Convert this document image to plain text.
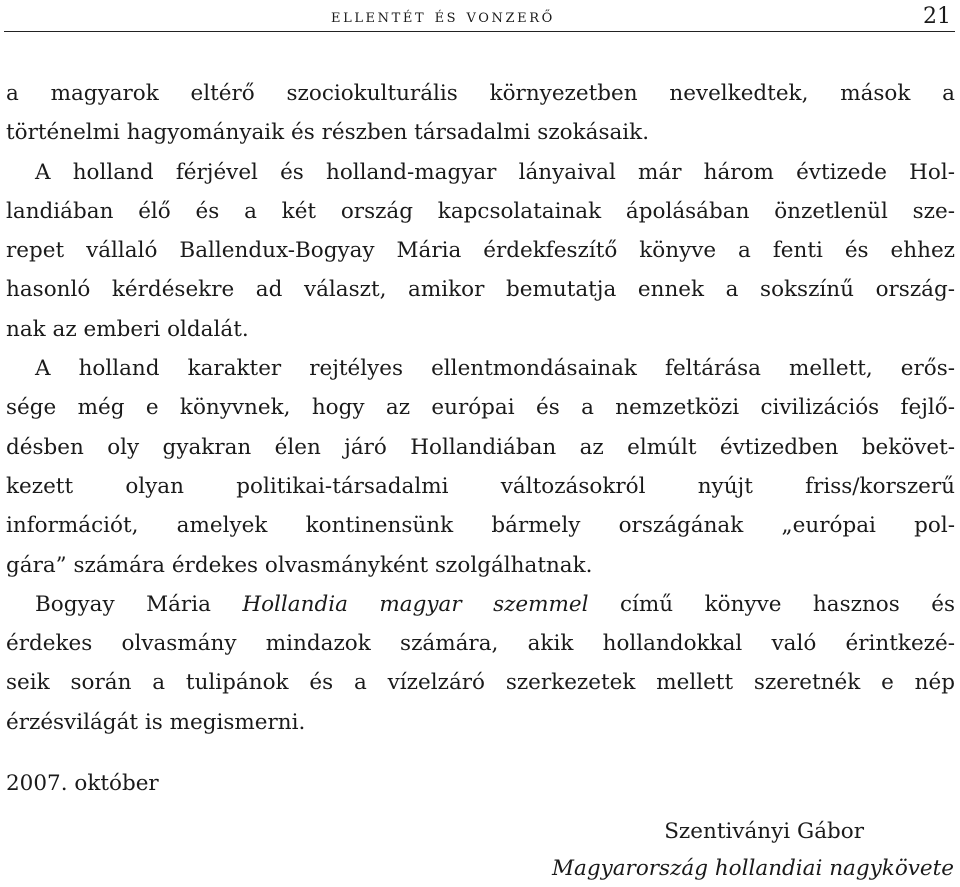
ellentét és vonzerő	21
a magyarok eltérő szociokulturális környezetben nevelkedtek, mások a
történelmi hagyományaik és részben társadalmi szokásaik.
A holland férjével és holland-magyar lányaival már három évtizede Hol-
landiában élő és a két ország kapcsolatainak ápolásában önzetlenül sze-
repet vállaló Ballendux-Bogyay Mária érdekfeszítő könyve a fenti és ehhez
hasonló kérdésekre ad választ, amikor bemutatja ennek a sokszínű ország-
nak az emberi oldalát.
A holland karakter rejtélyes ellentmondásainak feltárása mellett, erős-
sége még e könyvnek, hogy az európai és a nemzetközi civilizációs fejlő-
désben oly gyakran élen járó Hollandiában az elmúlt évtizedben bekövet-
kezett olyan politikai-társadalmi változásokról nyújt friss/korszerű
információt, amelyek kontinensünk bármely országának „európai pol-
gára” számára érdekes olvasmányként szolgálhatnak.
Bogyay Mária Hollandia magyar szemmel című könyve hasznos és
érdekes olvasmány mindazok számára, akik hollandokkal való érintkezé-
seik során a tulipánok és a vízelzáró szerkezetek mellett szeretnék e nép
érzésvilágát is megismerni.
2007. október
Szentiványi Gábor
Magyarország hollandiai nagykövete
